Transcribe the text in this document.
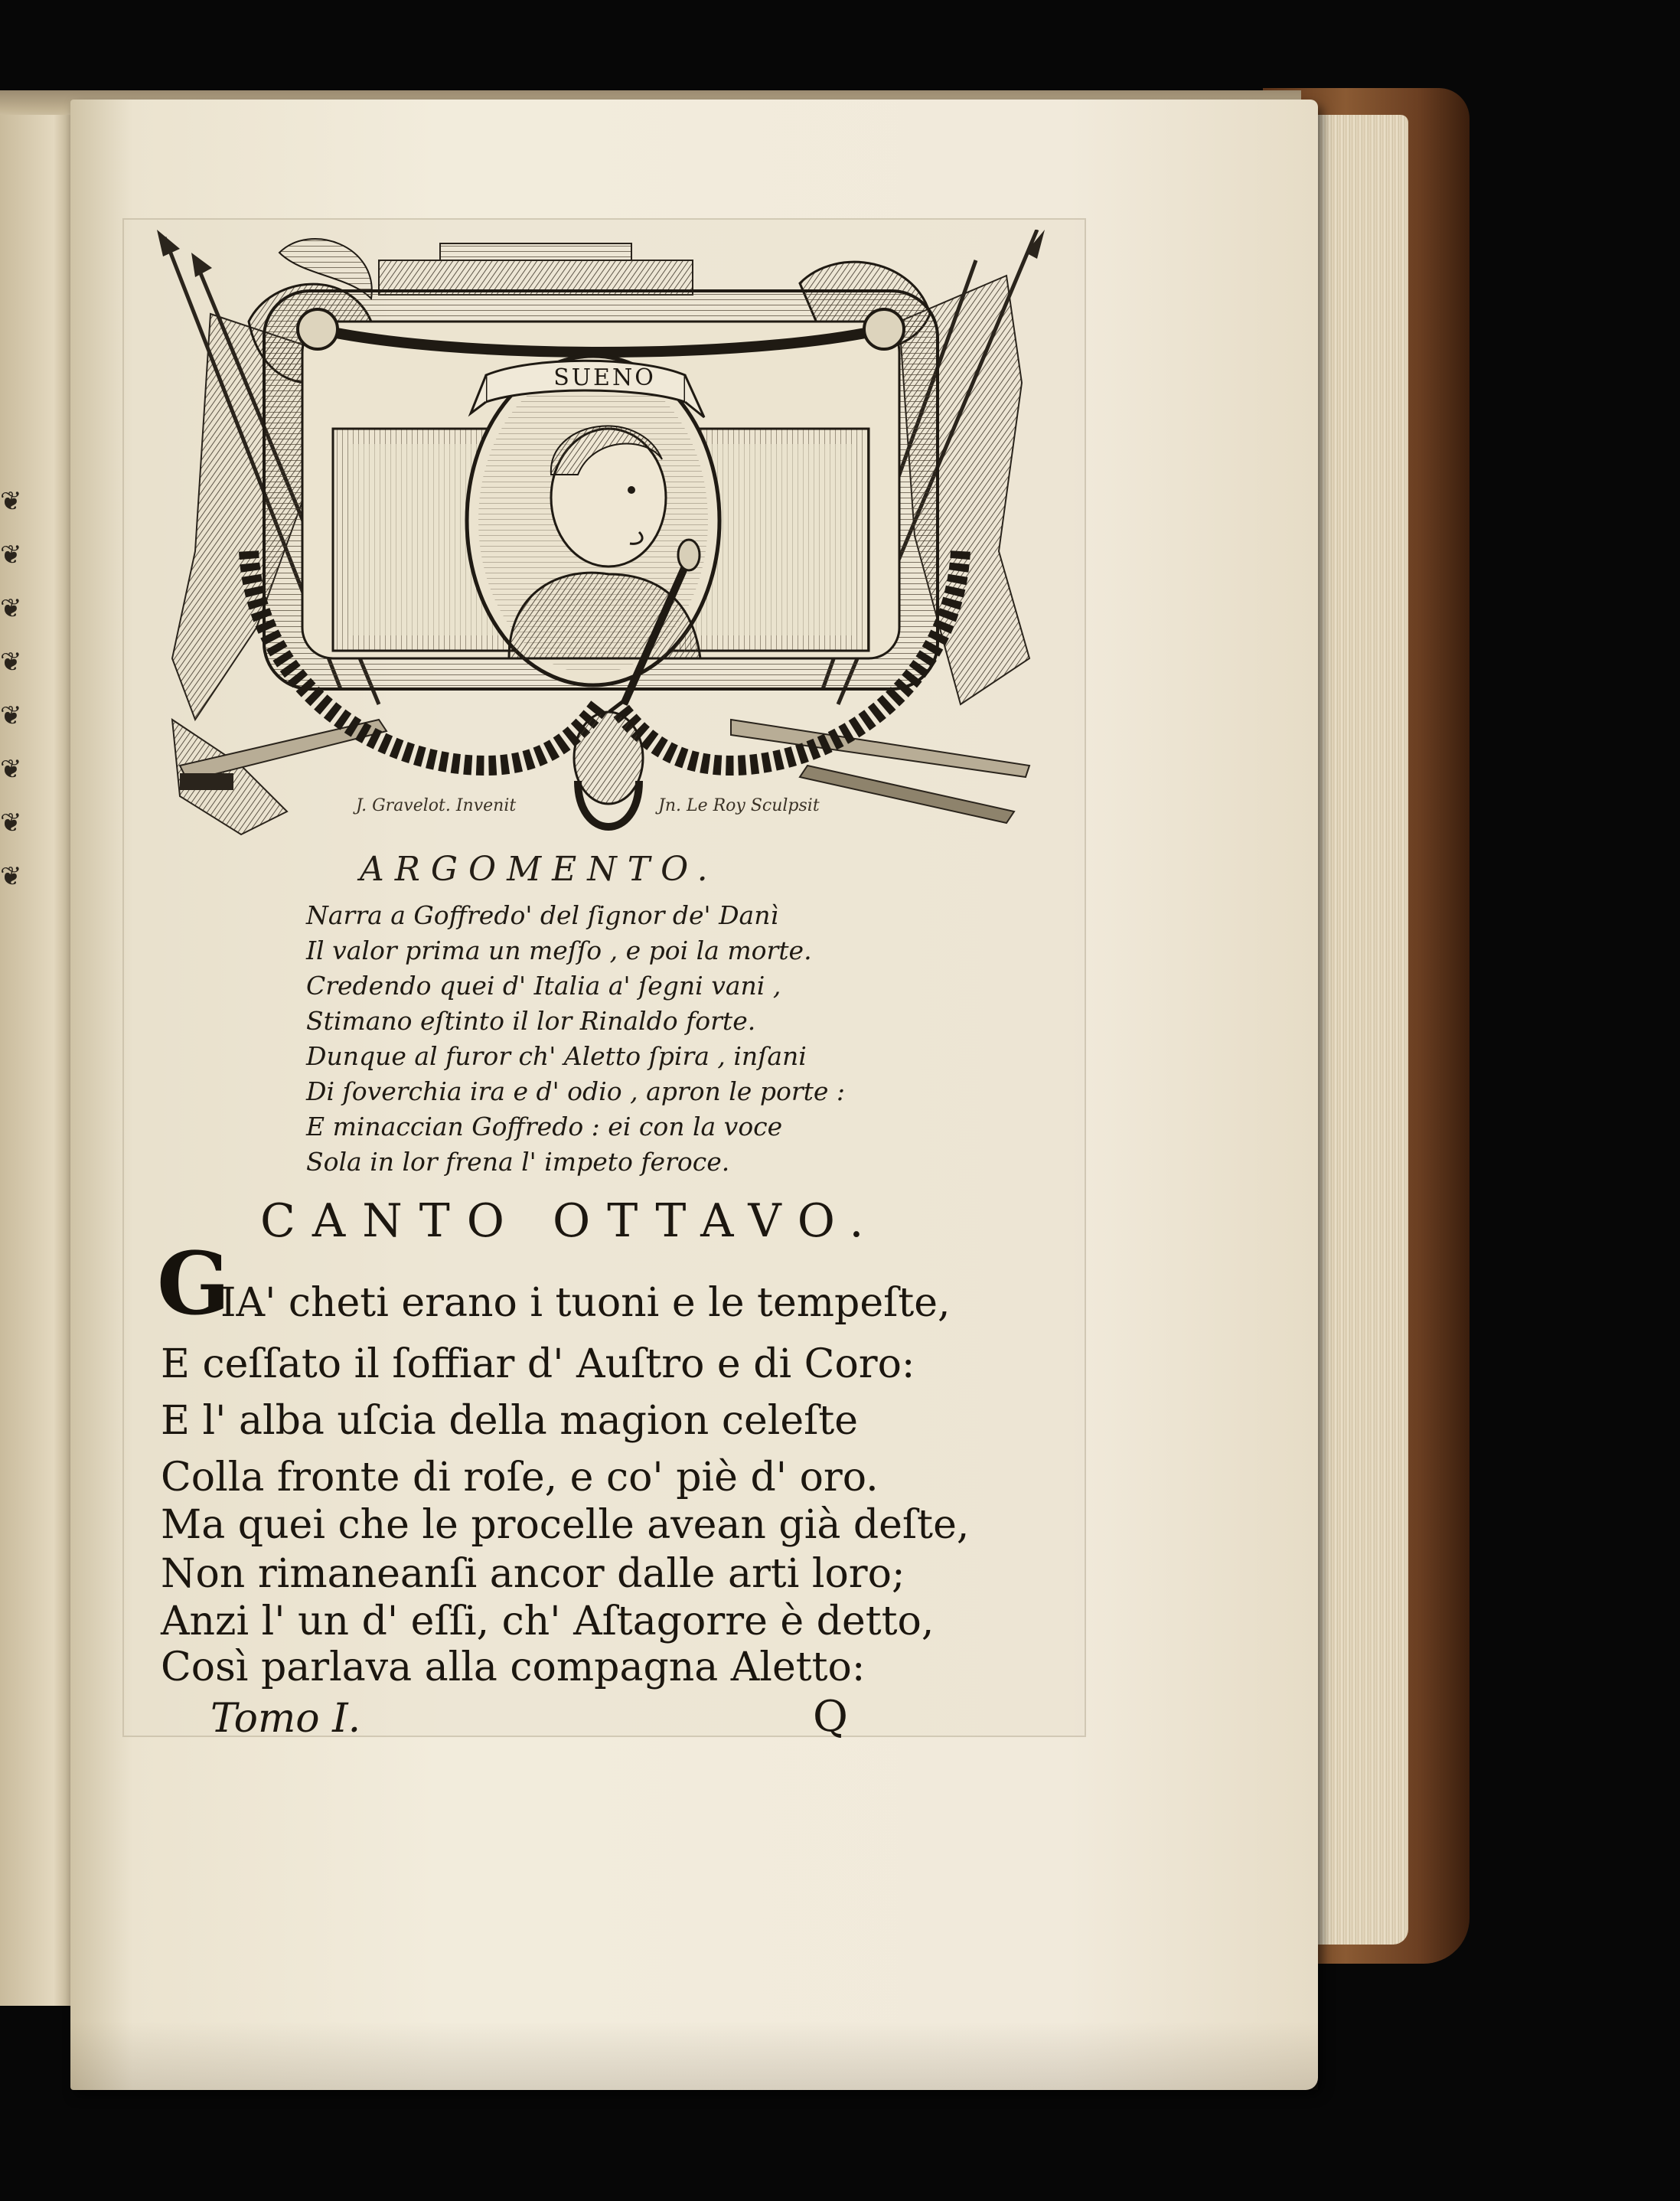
❦
❦
❦
❦
❦
❦
❦
❦
SUENO
J. Gravelot. Invenit	Jn. Le Roy Sculpsit
ARGOMENTO.
Narra a Goffredo' del ſignor de' Danì
Il valor prima un meſſo , e poi la morte.
Credendo quei d' Italia a' ſegni vani ,
Stimano eſtinto il lor Rinaldo forte.
Dunque al furor ch' Aletto ſpira , inſani
Di ſoverchia ira e d' odio , apron le porte :
E minaccian Goffredo : ei con la voce
Sola in lor frena l' impeto feroce.
CANTO OTTAVO.
G
IA' cheti erano i tuoni e le tempeſte,
E ceſſato il ſoffiar d' Auſtro e di Coro:
E l' alba uſcia della magion celeſte
Colla fronte di roſe, e co' piè d' oro.
Ma quei che le procelle avean già deſte,
Non rimaneanſi ancor dalle arti loro;
Anzi l' un d' eſſi, ch' Aſtagorre è detto,
Così parlava alla compagna Aletto:
Tomo I.	Q
